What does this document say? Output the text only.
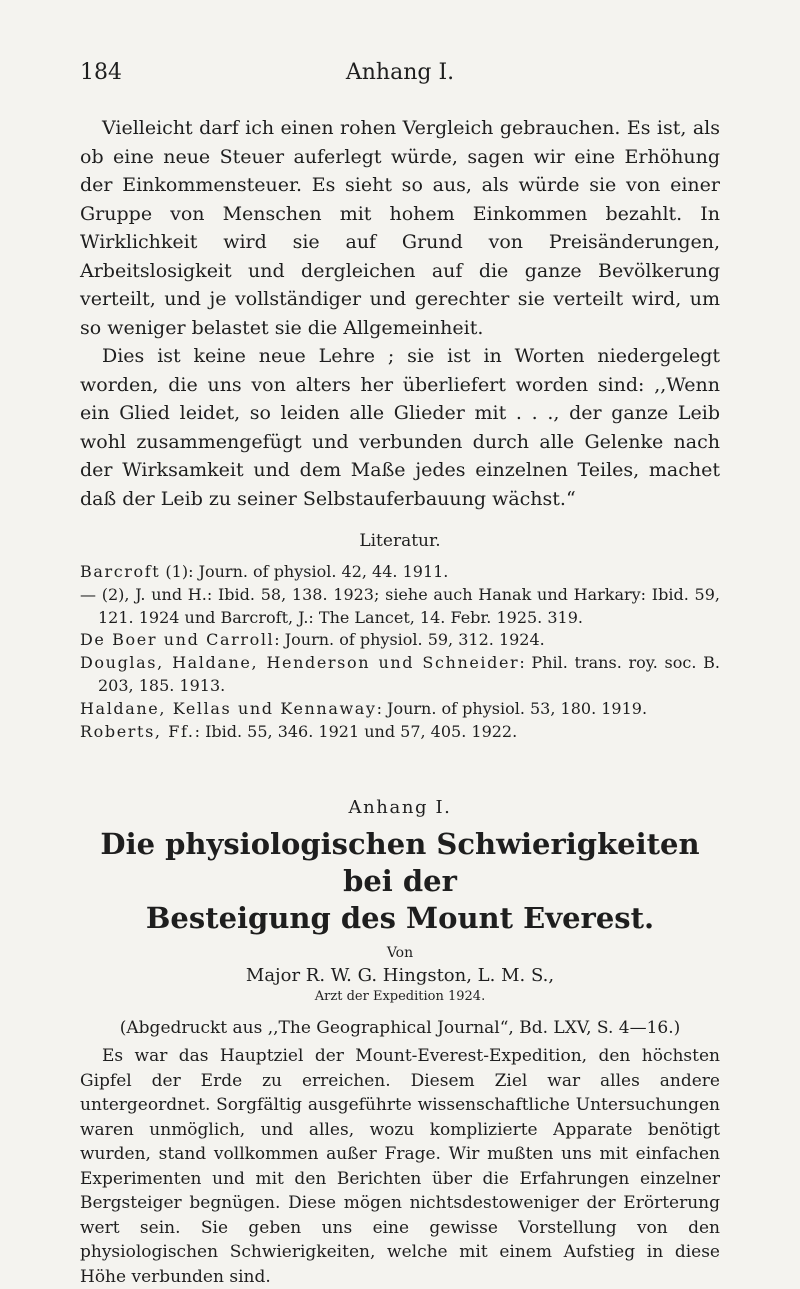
184	Anhang I.

Vielleicht darf ich einen rohen Vergleich gebrauchen. Es ist, als ob eine neue Steuer auferlegt würde, sagen wir eine Erhöhung der Einkommensteuer. Es sieht so aus, als würde sie von einer Gruppe von Menschen mit hohem Einkommen bezahlt. In Wirklichkeit wird sie auf Grund von Preisänderungen, Arbeitslosigkeit und dergleichen auf die ganze Bevölkerung verteilt, und je vollständiger und gerechter sie verteilt wird, um so weniger belastet sie die Allgemeinheit.

Dies ist keine neue Lehre ; sie ist in Worten niedergelegt worden, die uns von alters her überliefert worden sind: ,,Wenn ein Glied leidet, so leiden alle Glieder mit . . ., der ganze Leib wohl zusammengefügt und verbunden durch alle Gelenke nach der Wirksamkeit und dem Maße jedes einzelnen Teiles, machet daß der Leib zu seiner Selbstauferbauung wächst.“

Literatur.
Barcroft (1): Journ. of physiol. 42, 44. 1911.
— (2), J. und H.: Ibid. 58, 138. 1923; siehe auch Hanak und Harkary: Ibid. 59, 121. 1924 und Barcroft, J.: The Lancet, 14. Febr. 1925. 319.
De Boer und Carroll: Journ. of physiol. 59, 312. 1924.
Douglas, Haldane, Henderson und Schneider: Phil. trans. roy. soc. B. 203, 185. 1913.
Haldane, Kellas und Kennaway: Journ. of physiol. 53, 180. 1919.
Roberts, Ff.: Ibid. 55, 346. 1921 und 57, 405. 1922.
Anhang I.
Die physiologischen Schwierigkeiten bei der
Besteigung des Mount Everest.
Von
Major R. W. G. Hingston, L. M. S.,
Arzt der Expedition 1924.
(Abgedruckt aus ,,The Geographical Journal“, Bd. LXV, S. 4—16.)

Es war das Hauptziel der Mount-Everest-Expedition, den höchsten Gipfel der Erde zu erreichen. Diesem Ziel war alles andere untergeordnet. Sorgfältig ausgeführte wissenschaftliche Untersuchungen waren unmöglich, und alles, wozu komplizierte Apparate benötigt wurden, stand vollkommen außer Frage. Wir mußten uns mit einfachen Experimenten und mit den Berichten über die Erfahrungen einzelner Bergsteiger begnügen. Diese mögen nichtsdestoweniger der Erörterung wert sein. Sie geben uns eine gewisse Vorstellung von den physiologischen Schwierigkeiten, welche mit einem Aufstieg in diese Höhe verbunden sind.
